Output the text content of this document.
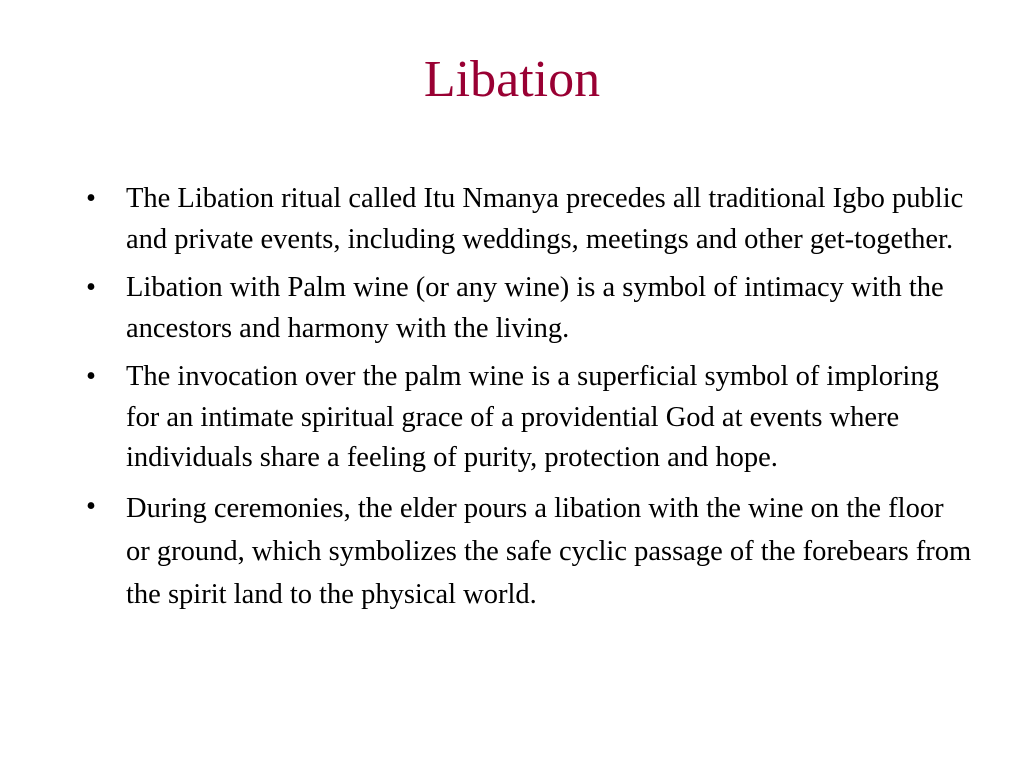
Libation
• The Libation ritual called Itu Nmanya precedes all traditional Igbo public and private events, including weddings, meetings and other get-together.
• Libation with Palm wine (or any wine) is a symbol of intimacy with the ancestors and harmony with the living.
• The invocation over the palm wine is a superficial symbol of imploring for an intimate spiritual grace of a providential God at events where individuals share a feeling of purity, protection and hope.
• During ceremonies, the elder pours a libation with the wine on the floor or ground, which symbolizes the safe cyclic passage of the forebears from the spirit land to the physical world.
